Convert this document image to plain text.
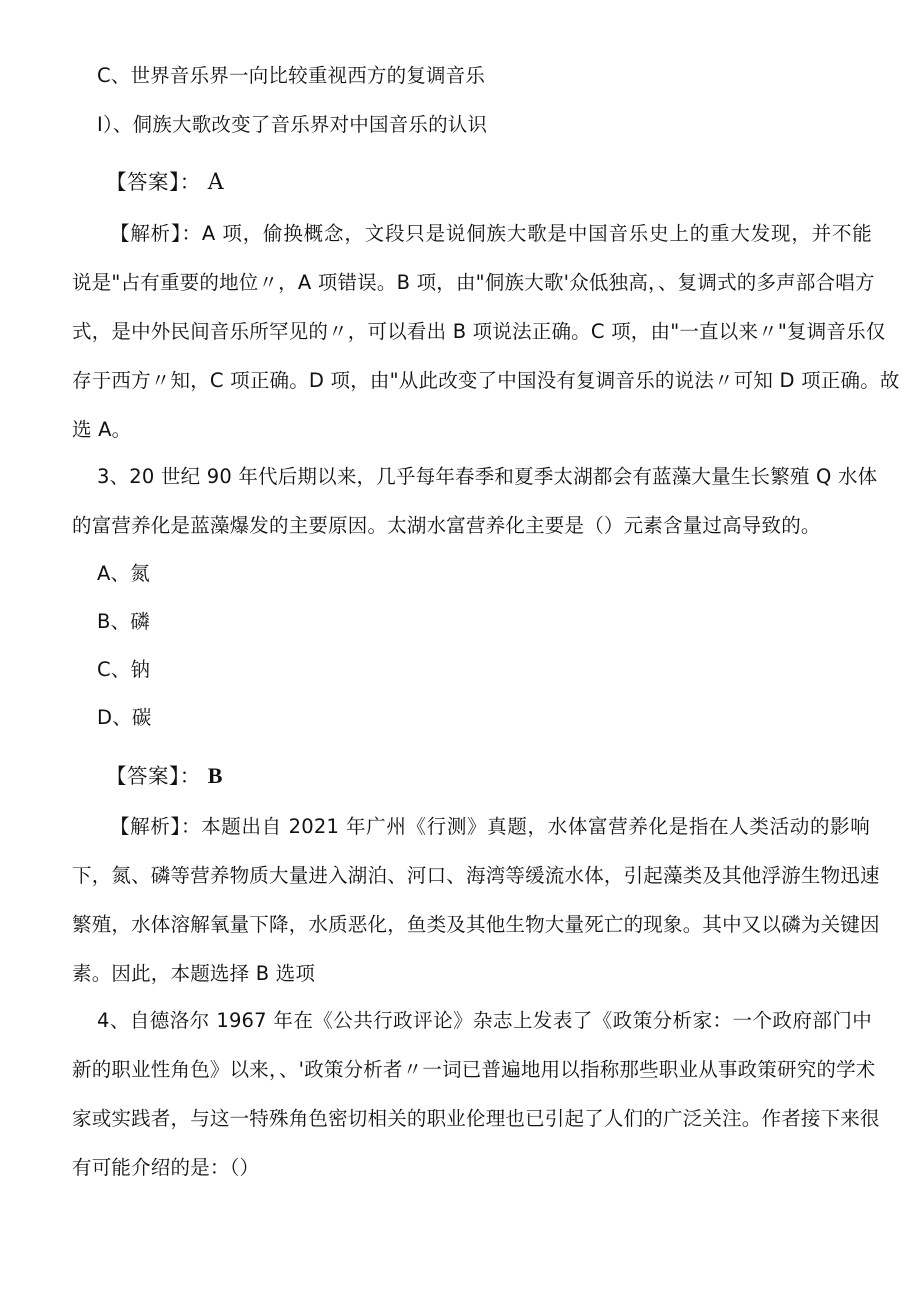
C、世界音乐界一向比较重视西方的复调音乐
I）、侗族大歌改变了音乐界对中国音乐的认识
【答案】： A
【解析】：A 项，偷换概念，文段只是说侗族大歌是中国音乐史上的重大发现，并不能
说是"占有重要的地位〃，A 项错误。B 项，由"侗族大歌'众低独高，、复调式的多声部合唱方
式，是中外民间音乐所罕见的〃，可以看出 B 项说法正确。C 项，由"一直以来〃"复调音乐仅
存于西方〃知，C 项正确。D 项，由"从此改变了中国没有复调音乐的说法〃可知 D 项正确。故
选 A。
3、20 世纪 90 年代后期以来，几乎每年春季和夏季太湖都会有蓝藻大量生长繁殖 Q 水体
的富营养化是蓝藻爆发的主要原因。太湖水富营养化主要是（）元素含量过高导致的。
A、氮
B、磷
C、钠
D、碳
【答案】： B
【解析】：本题出自 2021 年广州《行测》真题，水体富营养化是指在人类活动的影响
下，氮、磷等营养物质大量进入湖泊、河口、海湾等缓流水体，引起藻类及其他浮游生物迅速
繁殖，水体溶解氧量下降，水质恶化，鱼类及其他生物大量死亡的现象。其中又以磷为关键因
素。因此，本题选择 B 选项
4、自德洛尔 1967 年在《公共行政评论》杂志上发表了《政策分析家：一个政府部门中
新的职业性角色》以来，、'政策分析者〃一词已普遍地用以指称那些职业从事政策研究的学术
家或实践者，与这一特殊角色密切相关的职业伦理也已引起了人们的广泛关注。作者接下来很
有可能介绍的是：（）
